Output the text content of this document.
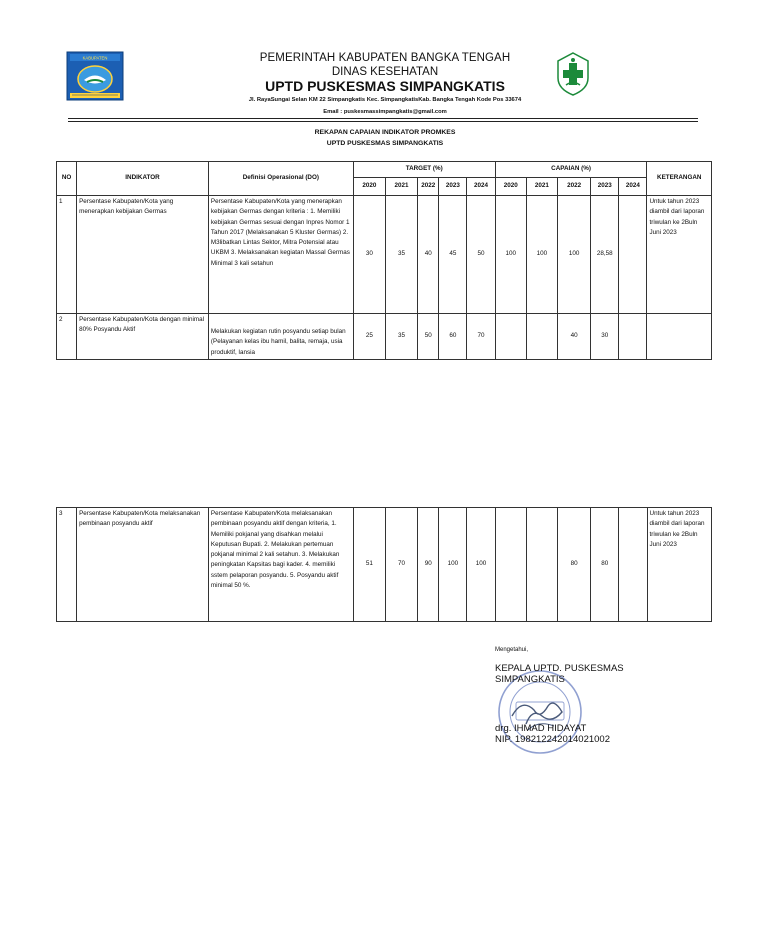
KABUPATEN	PEMERINTAH KABUPATEN BANGKA TENGAH
DINAS KESEHATAN
UPTD PUSKESMAS SIMPANGKATIS
Jl. RayaSungai Selan KM 22 Simpangkatis Kec. SimpangkatisKab. Bangka Tengah Kode Pos 33674
Email : puskesmassimpangkatis@gmail.com
REKAPAN CAPAIAN INDIKATOR PROMKES
UPTD PUSKESMAS SIMPANGKATIS
NO	INDIKATOR	Definisi Operasional (DO)	TARGET (%)					CAPAIAN (%)					KETERANGAN
			2020	2021	2022	2023	2024	2020	2021	2022	2023	2024	
1	Persentase Kabupaten/Kota yang menerapkan kebijakan Germas	Persentase Kabupaten/Kota yang menerapkan kebijakan Germas dengan kriteria : 1. Memiliki kebijakan Germas sesuai dengan Inpres Nomor 1 Tahun 2017 (Melaksanakan 5 Kluster Germas) 2. M3libatkan Lintas Sektor, Mitra Potensial atau UKBM 3. Melaksanakan kegiatan Massal Germas Minimal 3 kali setahun	30	35	40	45	50	100	100	100	28,58		Untuk tahun 2023 diambil dari laporan triwulan ke 2Buln Juni 2023
2	Persentase Kabupaten/Kota dengan minimal 80% Posyandu Aktif	Melakukan kegiatan rutin posyandu setiap bulan (Pelayanan kelas ibu hamil, balita, remaja, usia produktif, lansia	25	35	50	60	70			40	30		
3	Persentase Kabupaten/Kota melaksanakan pembinaan posyandu aktif	Persentase Kabupaten/Kota melaksanakan pembinaan posyandu aktif dengan kriteria, 1. Memiliki pokjanal yang disahkan melalui Keputusan Bupati. 2. Melakukan pertemuan pokjanal minimal 2 kali setahun. 3. Melakukan peningkatan Kapsitas bagi kader. 4. memiliki sstem pelaporan posyandu. 5. Posyandu aktif minimal 50 %.	51	70	90	100	100			80	80		Untuk tahun 2023 diambil dari laporan triwulan ke 2Buln Juni 2023
Mengetahui,
KEPALA UPTD. PUSKESMAS
SIMPANGKATIS
drg. IHMAD HIDAYAT
NIP. 198212242014021002
